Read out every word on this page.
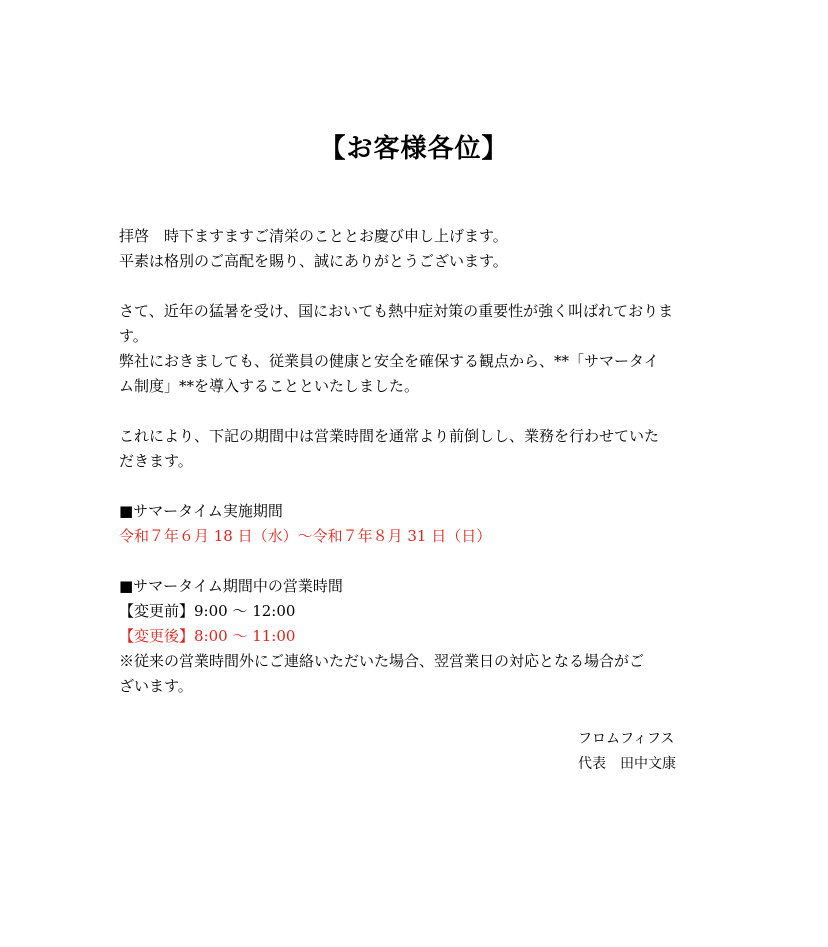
【お客様各位】
拝啓　時下ますますご清栄のこととお慶び申し上げます。
平素は格別のご高配を賜り、誠にありがとうございます。
さて、近年の猛暑を受け、国においても熱中症対策の重要性が強く叫ばれておりま
す。
弊社におきましても、従業員の健康と安全を確保する観点から、**「サマータイ
ム制度」**を導入することといたしました。
これにより、下記の期間中は営業時間を通常より前倒しし、業務を行わせていた
だきます。
■サマータイム実施期間
令和７年６月 18 日（水）〜令和７年８月 31 日（日）
■サマータイム期間中の営業時間
【変更前】9:00 ～ 12:00
【変更後】8:00 ～ 11:00
※従来の営業時間外にご連絡いただいた場合、翌営業日の対応となる場合がご
ざいます。
フロムフィフス
代表　田中文康
